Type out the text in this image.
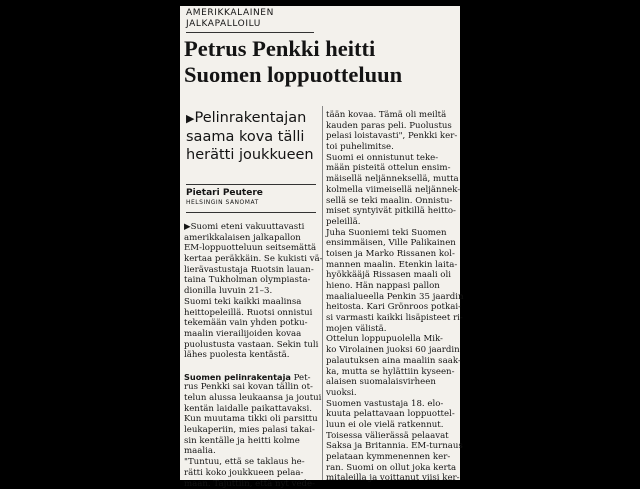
AMERIKKALAINEN
JALKAPALLOILU
Petrus Penkki heitti
Suomen loppuotteluun
▶Pelinrakentajan
saama kova tälli
herätti joukkueen
Pietari Peutere
HELSINGIN SANOMAT
▶Suomi eteni vakuuttavasti
amerikkalaisen jalkapallon
EM-loppuotteluun seitsemättä
kertaa peräkkäin. Se kukisti vä-
lierävastustaja Ruotsin lauan-
taina Tukholman olympiasta-
dionilla luvuin 21–3.
Suomi teki kaikki maalinsa
heittopeleillä. Ruotsi onnistui
tekemään vain yhden potku-
maalin vierailijoiden kovaa
puolustusta vastaan. Sekin tuli
lähes puolesta kentästä.
Suomen pelinrakentaja Pet-
rus Penkki sai kovan tällin ot-
telun alussa leukaansa ja joutui
kentän laidalle paikattavaksi.
Kun muutama tikki oli parsittu
leukaperiin, mies palasi takai-
sin kentälle ja heitti kolme
maalia.
"Tuntuu, että se taklaus he-
rätti koko joukkueen pelaa-
maan. Tajuttiin, että nyt vede-
tään kovaa. Tämä oli meiltä
kauden paras peli. Puolustus
pelasi loistavasti", Penkki ker-
toi puhelimitse.
Suomi ei onnistunut teke-
mään pisteitä ottelun ensim-
mäisellä neljänneksellä, mutta
kolmella viimeisellä neljännek-
sellä se teki maalin. Onnistu-
miset syntyivät pitkillä heitto-
peleillä.
Juha Suoniemi teki Suomen
ensimmäisen, Ville Palikainen
toisen ja Marko Rissanen kol-
mannen maalin. Etenkin laita-
hyökkääjä Rissasen maali oli
hieno. Hän nappasi pallon
maalialueella Penkin 35 jaardin
heitosta. Kari Grönroos potkai-
si varmasti kaikki lisäpisteet ri-
mojen välistä.
Ottelun loppupuolella Mik-
ko Virolainen juoksi 60 jaardin
palautuksen aina maaliin saak-
ka, mutta se hylättiin kyseen-
alaisen suomalaisvirheen
vuoksi.
Suomen vastustaja 18. elo-
kuuta pelattavaan loppuottel-
luun ei ole vielä ratkennut.
Toisessa välierässä pelaavat
Saksa ja Britannia. EM-turnaus
pelataan kymmenennen ker-
ran. Suomi on ollut joka kerta
mitaleilla ja voittanut viisi ker-
